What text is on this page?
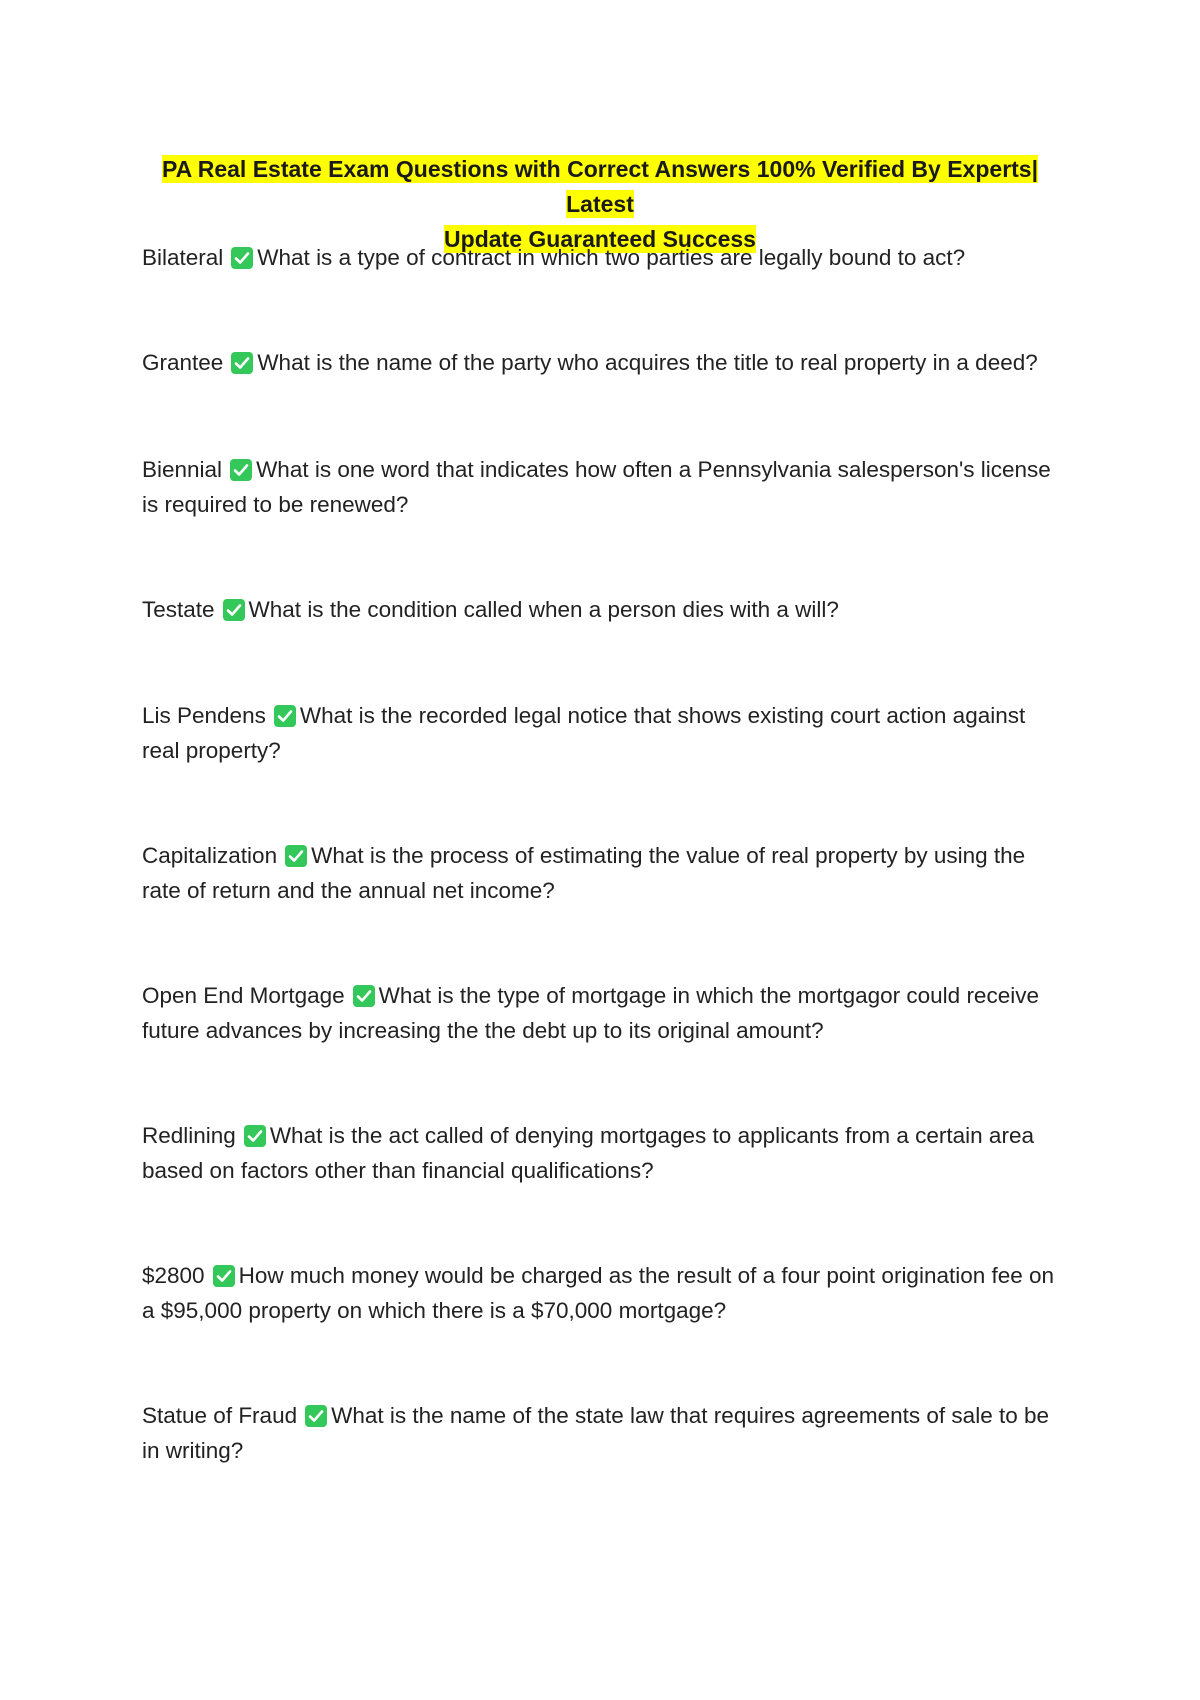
PA Real Estate Exam Questions with Correct Answers 100% Verified By Experts| Latest
Update Guaranteed Success
Bilateral What is a type of contract in which two parties are legally bound to act?
Grantee What is the name of the party who acquires the title to real property in a deed?
Biennial What is one word that indicates how often a Pennsylvania salesperson's license is required to be renewed?
Testate What is the condition called when a person dies with a will?
Lis Pendens What is the recorded legal notice that shows existing court action against real property?
Capitalization What is the process of estimating the value of real property by using the rate of return and the annual net income?
Open End Mortgage What is the type of mortgage in which the mortgagor could receive future advances by increasing the the debt up to its original amount?
Redlining What is the act called of denying mortgages to applicants from a certain area based on factors other than financial qualifications?
$2800 How much money would be charged as the result of a four point origination fee on a $95,000 property on which there is a $70,000 mortgage?
Statue of Fraud What is the name of the state law that requires agreements of sale to be in writing?
